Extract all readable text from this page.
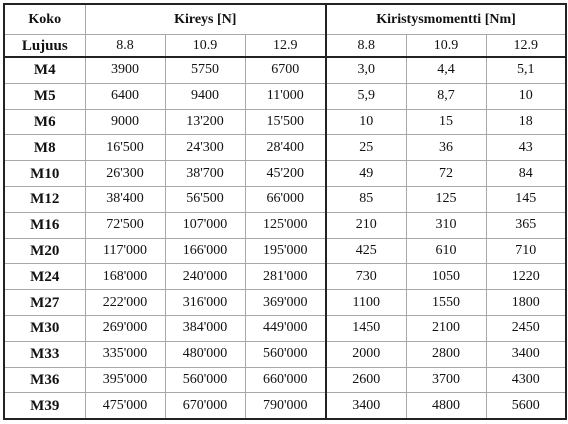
Koko	Kireys [N]			Kiristysmomentti [Nm]		
Lujuus	8.8	10.9	12.9	8.8	10.9	12.9
M4	3900	5750	6700	3,0	4,4	5,1
M5	6400	9400	11'000	5,9	8,7	10
M6	9000	13'200	15'500	10	15	18
M8	16'500	24'300	28'400	25	36	43
M10	26'300	38'700	45'200	49	72	84
M12	38'400	56'500	66'000	85	125	145
M16	72'500	107'000	125'000	210	310	365
M20	117'000	166'000	195'000	425	610	710
M24	168'000	240'000	281'000	730	1050	1220
M27	222'000	316'000	369'000	1100	1550	1800
M30	269'000	384'000	449'000	1450	2100	2450
M33	335'000	480'000	560'000	2000	2800	3400
M36	395'000	560'000	660'000	2600	3700	4300
M39	475'000	670'000	790'000	3400	4800	5600
